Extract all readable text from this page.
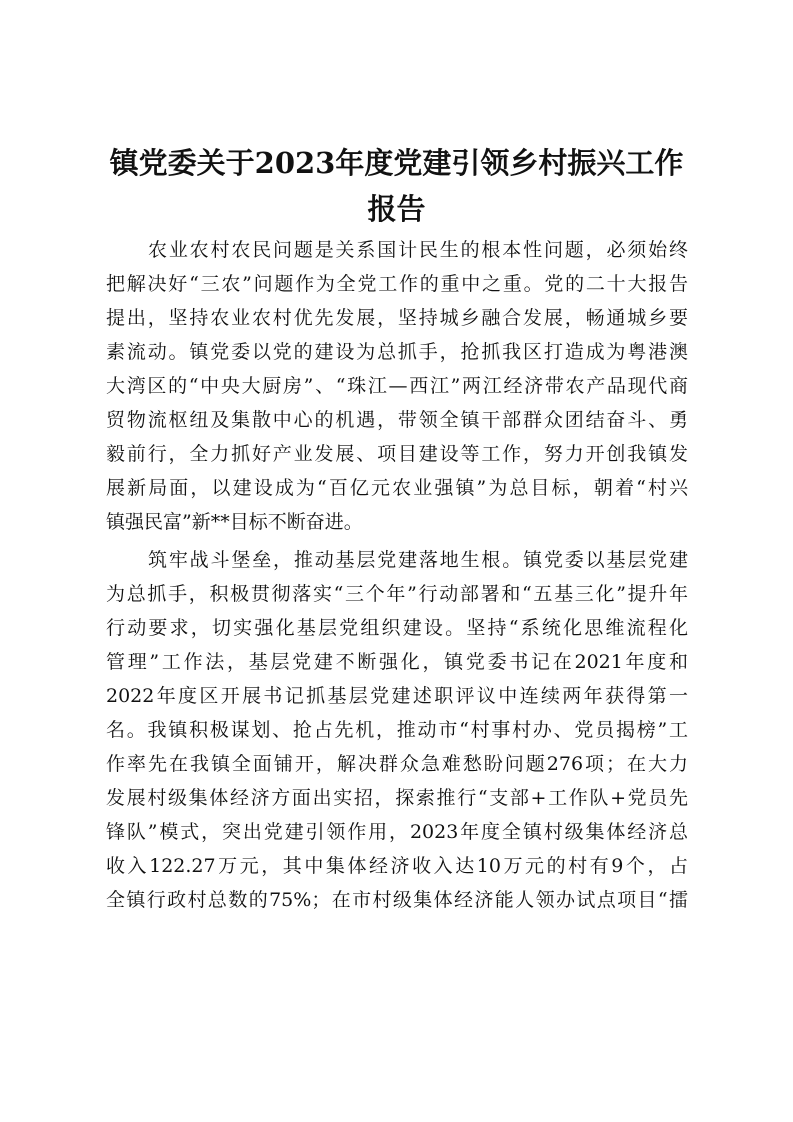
镇党委关于2023年度党建引领乡村振兴工作
报告

农业农村农民问题是关系国计民生的根本性问题，必须始终

把解决好“三农”问题作为全党工作的重中之重。党的二十大报告

提出，坚持农业农村优先发展，坚持城乡融合发展，畅通城乡要

素流动。镇党委以党的建设为总抓手，抢抓我区打造成为粤港澳

大湾区的“中央大厨房”、“珠江—西江”两江经济带农产品现代商

贸物流枢纽及集散中心的机遇，带领全镇干部群众团结奋斗、勇

毅前行，全力抓好产业发展、项目建设等工作，努力开创我镇发

展新局面，以建设成为“百亿元农业强镇”为总目标，朝着“村兴

镇强民富”新**目标不断奋进。

筑牢战斗堡垒，推动基层党建落地生根。镇党委以基层党建

为总抓手，积极贯彻落实“三个年”行动部署和“五基三化”提升年

行动要求，切实强化基层党组织建设。坚持“系统化思维流程化

管理”工作法，基层党建不断强化，镇党委书记在2021年度和

2022年度区开展书记抓基层党建述职评议中连续两年获得第一

名。我镇积极谋划、抢占先机，推动市“村事村办、党员揭榜”工

作率先在我镇全面铺开，解决群众急难愁盼问题276项；在大力

发展村级集体经济方面出实招，探索推行“支部+工作队+党员先

锋队”模式，突出党建引领作用，2023年度全镇村级集体经济总

收入122.27万元，其中集体经济收入达10万元的村有9个，占

全镇行政村总数的75%；在市村级集体经济能人领办试点项目“擂
